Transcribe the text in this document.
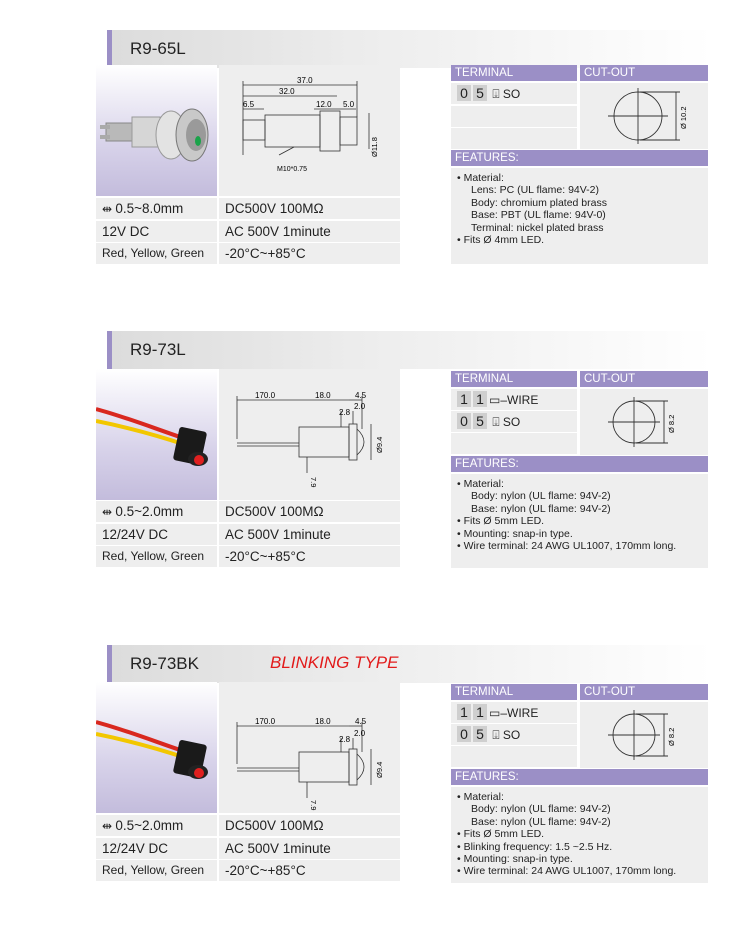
R9-65L
37.0
32.0
6.5	12.0 5.0
M10*0.75
Ø11.8
⇹ 0.5~8.0mm	DC500V 100MΩ
12V DC	AC 500V 1minute
Red, Yellow, Green	-20°C~+85°C
TERMINAL	CUT-OUT
0 5 ⍗ SO
Ø 10.2
FEATURES:
• Material:
Lens: PC (UL flame: 94V-2)
Body: chromium plated brass
Base: PBT (UL flame: 94V-0)
Terminal: nickel plated brass
• Fits Ø 4mm LED.
R9-73L
170.0	18.0	4.5
2.8
2.0
Ø9.4
7.9
⇹ 0.5~2.0mm	DC500V 100MΩ
12/24V DC	AC 500V 1minute
Red, Yellow, Green	-20°C~+85°C
TERMINAL	CUT-OUT
1 1 ▭–WIRE
0 5 ⍗ SO	Ø 8.2
FEATURES:
• Material:
Body: nylon (UL flame: 94V-2)
Base: nylon (UL flame: 94V-2)
• Fits Ø 5mm LED.
• Mounting: snap-in type.
• Wire terminal: 24 AWG UL1007, 170mm long.
R9-73BK	BLINKING TYPE
170.0	18.0	4.5
2.8
2.0
Ø9.4
7.9
⇹ 0.5~2.0mm	DC500V 100MΩ
12/24V DC	AC 500V 1minute
Red, Yellow, Green	-20°C~+85°C
TERMINAL	CUT-OUT
1 1 ▭–WIRE
0 5 ⍗ SO	Ø 8.2
FEATURES:
• Material:
Body: nylon (UL flame: 94V-2)
Base: nylon (UL flame: 94V-2)
• Fits Ø 5mm LED.
• Blinking frequency: 1.5 ~2.5 Hz.
• Mounting: snap-in type.
• Wire terminal: 24 AWG UL1007, 170mm long.
